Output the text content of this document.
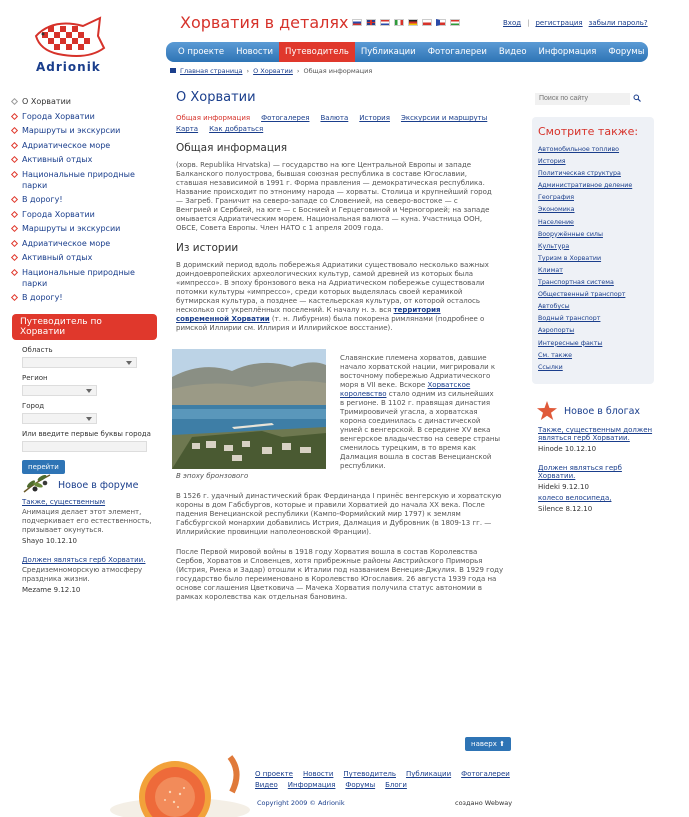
Adrionik
Хорватия в деталях	Вход | регистрация забыли пароль?
О проекте	Новости	Путеводитель	Публикации	Фотогалереи	Видео	Информация	Форумы	Блоги
Главная страница › О Хорватии › Общая информация
О Хорватии
Города Хорватии
Маршруты и экскурсии
Адриатическое море
Активный отдых
Национальные природные парки
В дорогу!
Города Хорватии
Маршруты и экскурсии
Адриатическое море
Активный отдых
Национальные природные парки
В дорогу!
Путеводитель по Хорватии
Область
Регион
Город
Или введите первые буквы города
перейти
Новое в форуме
Также, существенным
Анимация делает этот элемент, подчеркивает его естественность, призывает окунуться.
Shayo 10.12.10
Должен являться герб Хорватии.
Средиземноморскую атмосферу праздника жизни.
Mezame 9.12.10
О Хорватии
Общая информация Фотогалерея Валюта История Экскурсии и маршруты
Карта Как добраться
Общая информация
(хорв. Republika Hrvatska) — государство на юге Центральной Европы и западе Балканского полуострова, бывшая союзная республика в составе Югославии, ставшая независимой в 1991 г. Форма правления — демократическая республика. Название происходит по этнониму народа — хорваты. Столица и крупнейший город — Загреб. Граничит на северо-западе со Словенией, на северо-востоке — с Венгрией и Сербией, на юге — с Боснией и Герцеговиной и Черногорией; на западе омывается Адриатическим морем. Национальная валюта — куна. Участница ООН, ОБСЕ, Совета Европы. Член НАТО с 1 апреля 2009 года.
Из истории
В доримский период вдоль побережья Адриатики существовало несколько важных доиндоевропейских археологических культур, самой древней из которых была «импрессо». В эпоху бронзового века на Адриатическом побережье существовали потомки культуры «импрессо», среди которых выделялась своей керамикой бутмирская культура, а позднее — кастельерская культура, от которой осталось несколько сот укреплённых поселений. К началу н. э. вся территория современной Хорватии (т. н. Либурния) была покорена римлянами (подробнее о римской Иллирии см. Иллирия и Иллирийское восстание).
В эпоху бронзового
Славянские племена хорватов, давшие начало хорватской нации, мигрировали к восточному побережью Адриатического моря в VII веке. Вскоре Хорватское королевство стало одним из сильнейших в регионе. В 1102 г. правящая династия Тримироовичей угасла, а хорватская корона соединилась с династической унией с венгерской. В середине XV века венгерское владычество на севере страны сменилось турецким, в то время как Далмация вошла в состав Венецианской республики.
В 1526 г. удачный династический брак Фердинанда I принёс венгерскую и хорватскую короны в дом Габсбургов, которые и правили Хорватией до начала XX века. После падения Венецианской республики (Кампо-Формийский мир 1797) к землям Габсбургской монархии добавились Истрия, Далмация и Дубровник (в 1809-13 гг. — Иллирийские провинции наполеоновской Франции).
После Первой мировой войны в 1918 году Хорватия вошла в состав Королевства Сербов, Хорватов и Словенцев, хотя прибрежные районы Австрийского Приморья (Истрия, Риека и Задар) отошли к Италии под названием Венеция-Джулия. В 1929 году государство было переименовано в Королевство Югославия. 26 августа 1939 года на основе соглашения Цветковича — Мачека Хорватия получила статус автономии в рамках королевства как отдельная бановина.
наверх ⬆
Поиск по сайту
Смотрите также:
Автомобильное топливо
История
Политическая структура
Административное деление
География
Экономика
Население
Вооружённые силы
Культура
Туризм в Хорватии
Климат
Транспортная система
Общественный транспорт
Автобусы
Водный транспорт
Аэропорты
Интересные факты
См. также
Ссылки
Новое в блогах
Также, существенным должен являться герб Хорватии.
Hinode 10.12.10
Должен являться герб Хорватии.
Hideki 9.12.10
колесо велосипеда,
Silence 8.12.10
О проекте Новости Путеводитель Публикации Фотогалереи
Видео Информация Форумы Блоги
Copyright 2009 © Adrionik	создано Webway
